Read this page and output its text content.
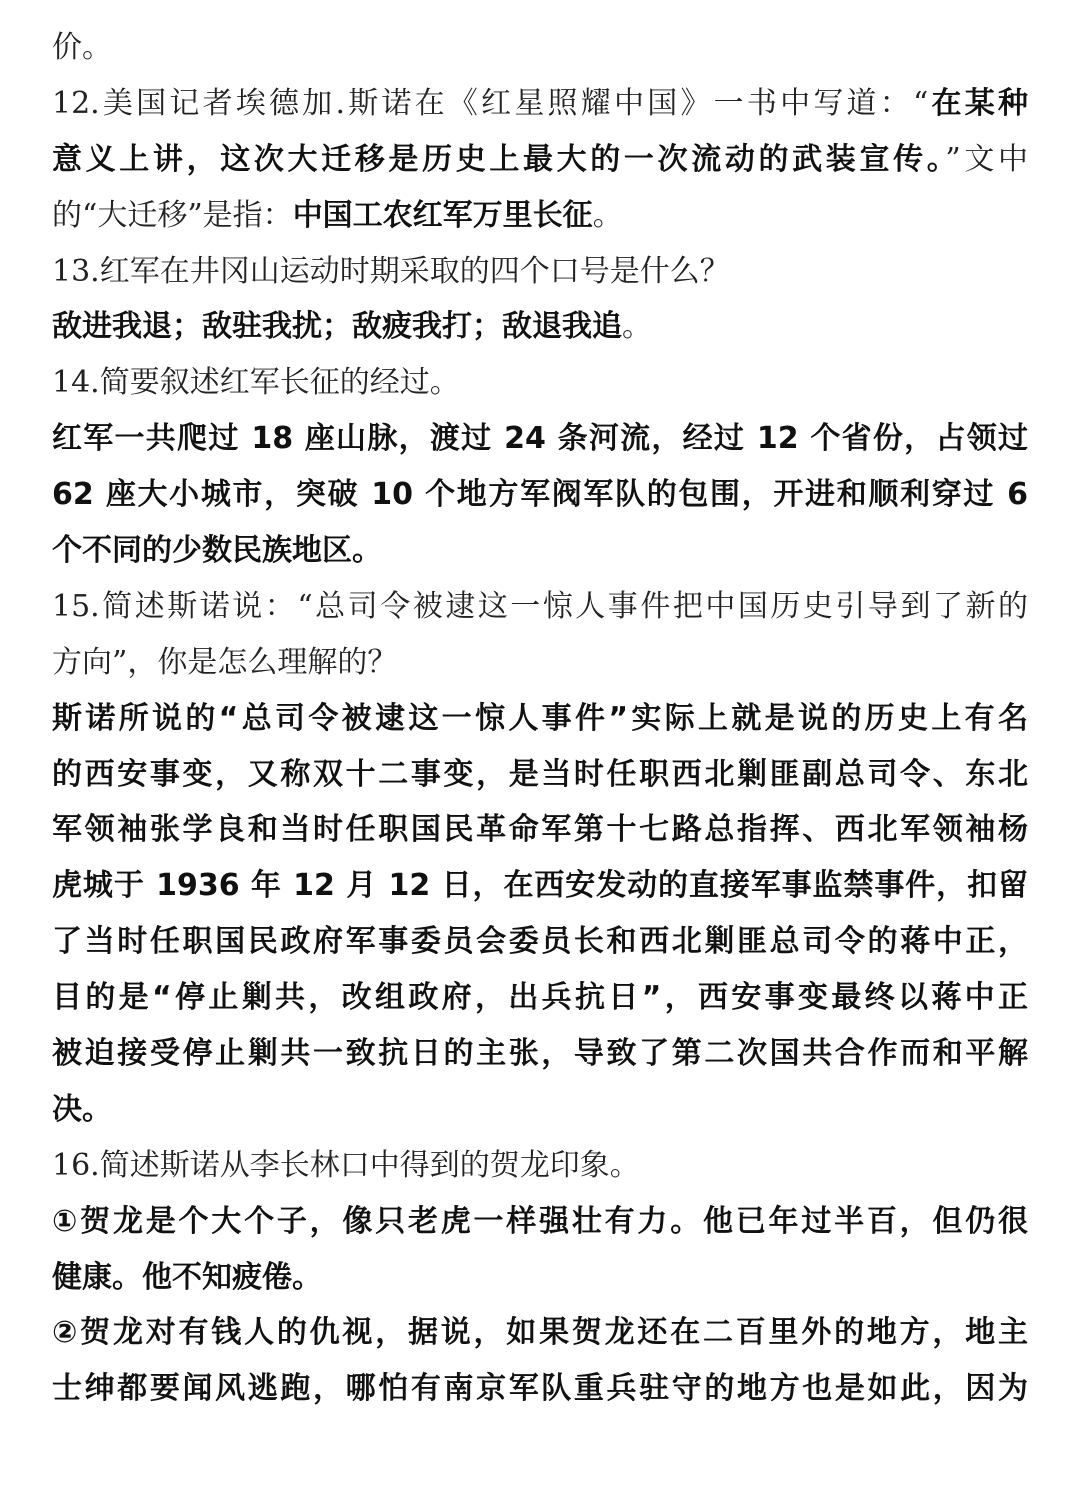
价。
12.美国记者埃德加.斯诺在《红星照耀中国》一书中写道：“在某种
意义上讲，这次大迁移是历史上最大的一次流动的武装宣传。”文中
的“大迁移”是指：中国工农红军万里长征。
13.红军在井冈山运动时期采取的四个口号是什么？
敌进我退；敌驻我扰；敌疲我打；敌退我追。
14.简要叙述红军长征的经过。
红军一共爬过 18 座山脉，渡过 24 条河流，经过 12 个省份，占领过
62 座大小城市，突破 10 个地方军阀军队的包围，开进和顺利穿过 6
个不同的少数民族地区。
15.简述斯诺说：“总司令被逮这一惊人事件把中国历史引导到了新的
方向”，你是怎么理解的？
斯诺所说的“总司令被逮这一惊人事件”实际上就是说的历史上有名
的西安事变，又称双十二事变，是当时任职西北剿匪副总司令、东北
军领袖张学良和当时任职国民革命军第十七路总指挥、西北军领袖杨
虎城于 1936 年 12 月 12 日，在西安发动的直接军事监禁事件，扣留
了当时任职国民政府军事委员会委员长和西北剿匪总司令的蒋中正，
目的是“停止剿共，改组政府，出兵抗日”，西安事变最终以蒋中正
被迫接受停止剿共一致抗日的主张，导致了第二次国共合作而和平解
决。
16.简述斯诺从李长林口中得到的贺龙印象。
①贺龙是个大个子，像只老虎一样强壮有力。他已年过半百，但仍很
健康。他不知疲倦。
②贺龙对有钱人的仇视，据说，如果贺龙还在二百里外的地方，地主
士绅都要闻风逃跑，哪怕有南京军队重兵驻守的地方也是如此，因为
